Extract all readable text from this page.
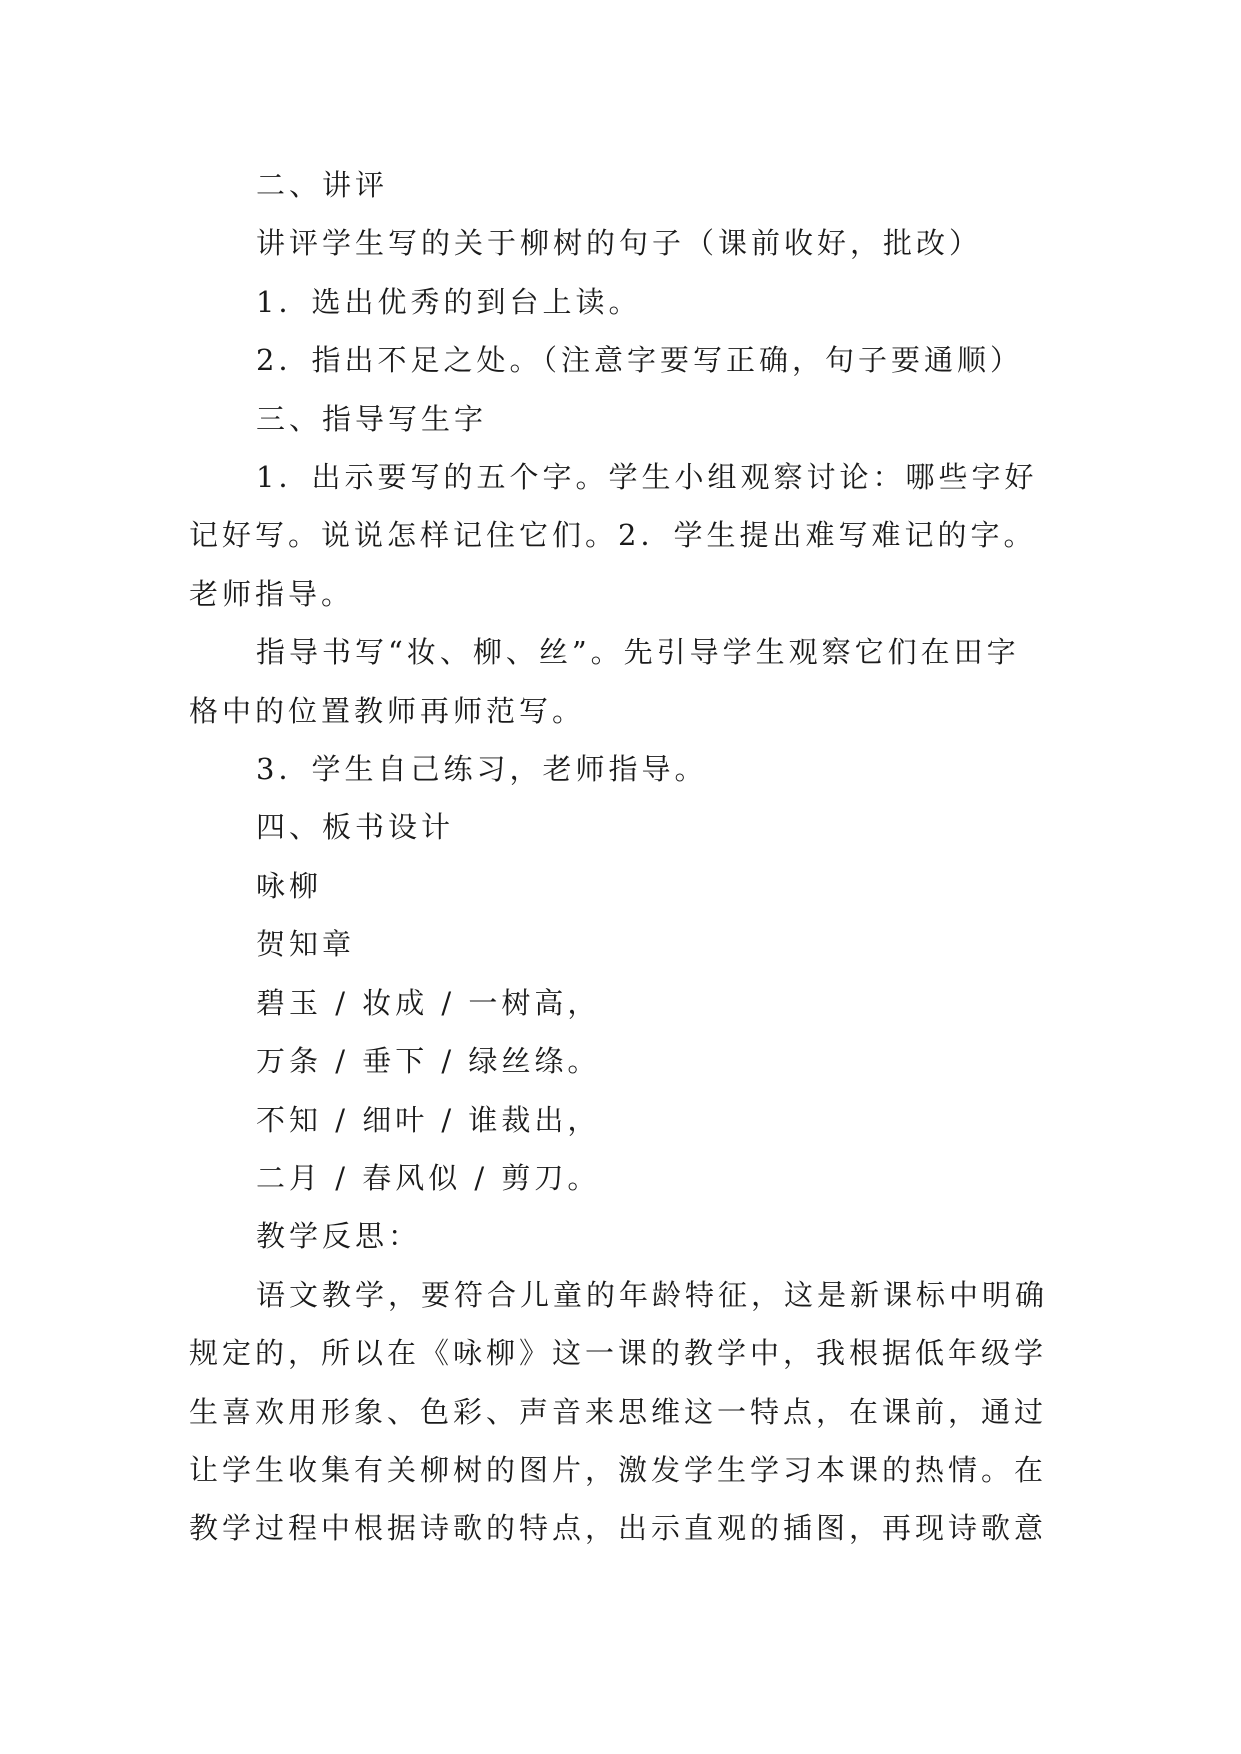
二、讲评

讲评学生写的关于柳树的句子（课前收好，批改）

1．选出优秀的到台上读。

2．指出不足之处。（注意字要写正确，句子要通顺）

三、指导写生字

1．出示要写的五个字。学生小组观察讨论：哪些字好记好写。说说怎样记住它们。2．学生提出难写难记的字。老师指导。

指导书写“妆、柳、丝”。先引导学生观察它们在田字格中的位置教师再师范写。

3．学生自己练习，老师指导。

四、板书设计

咏柳

贺知章

碧玉 / 妆成 / 一树高，

万条 / 垂下 / 绿丝绦。

不知 / 细叶 / 谁裁出，

二月 / 春风似 / 剪刀。

教学反思：

语文教学，要符合儿童的年龄特征，这是新课标中明确规定的，所以在《咏柳》这一课的教学中，我根据低年级学生喜欢用形象、色彩、声音来思维这一特点，在课前，通过让学生收集有关柳树的图片，激发学生学习本课的热情。在教学过程中根据诗歌的特点，出示直观的插图，再现诗歌意
